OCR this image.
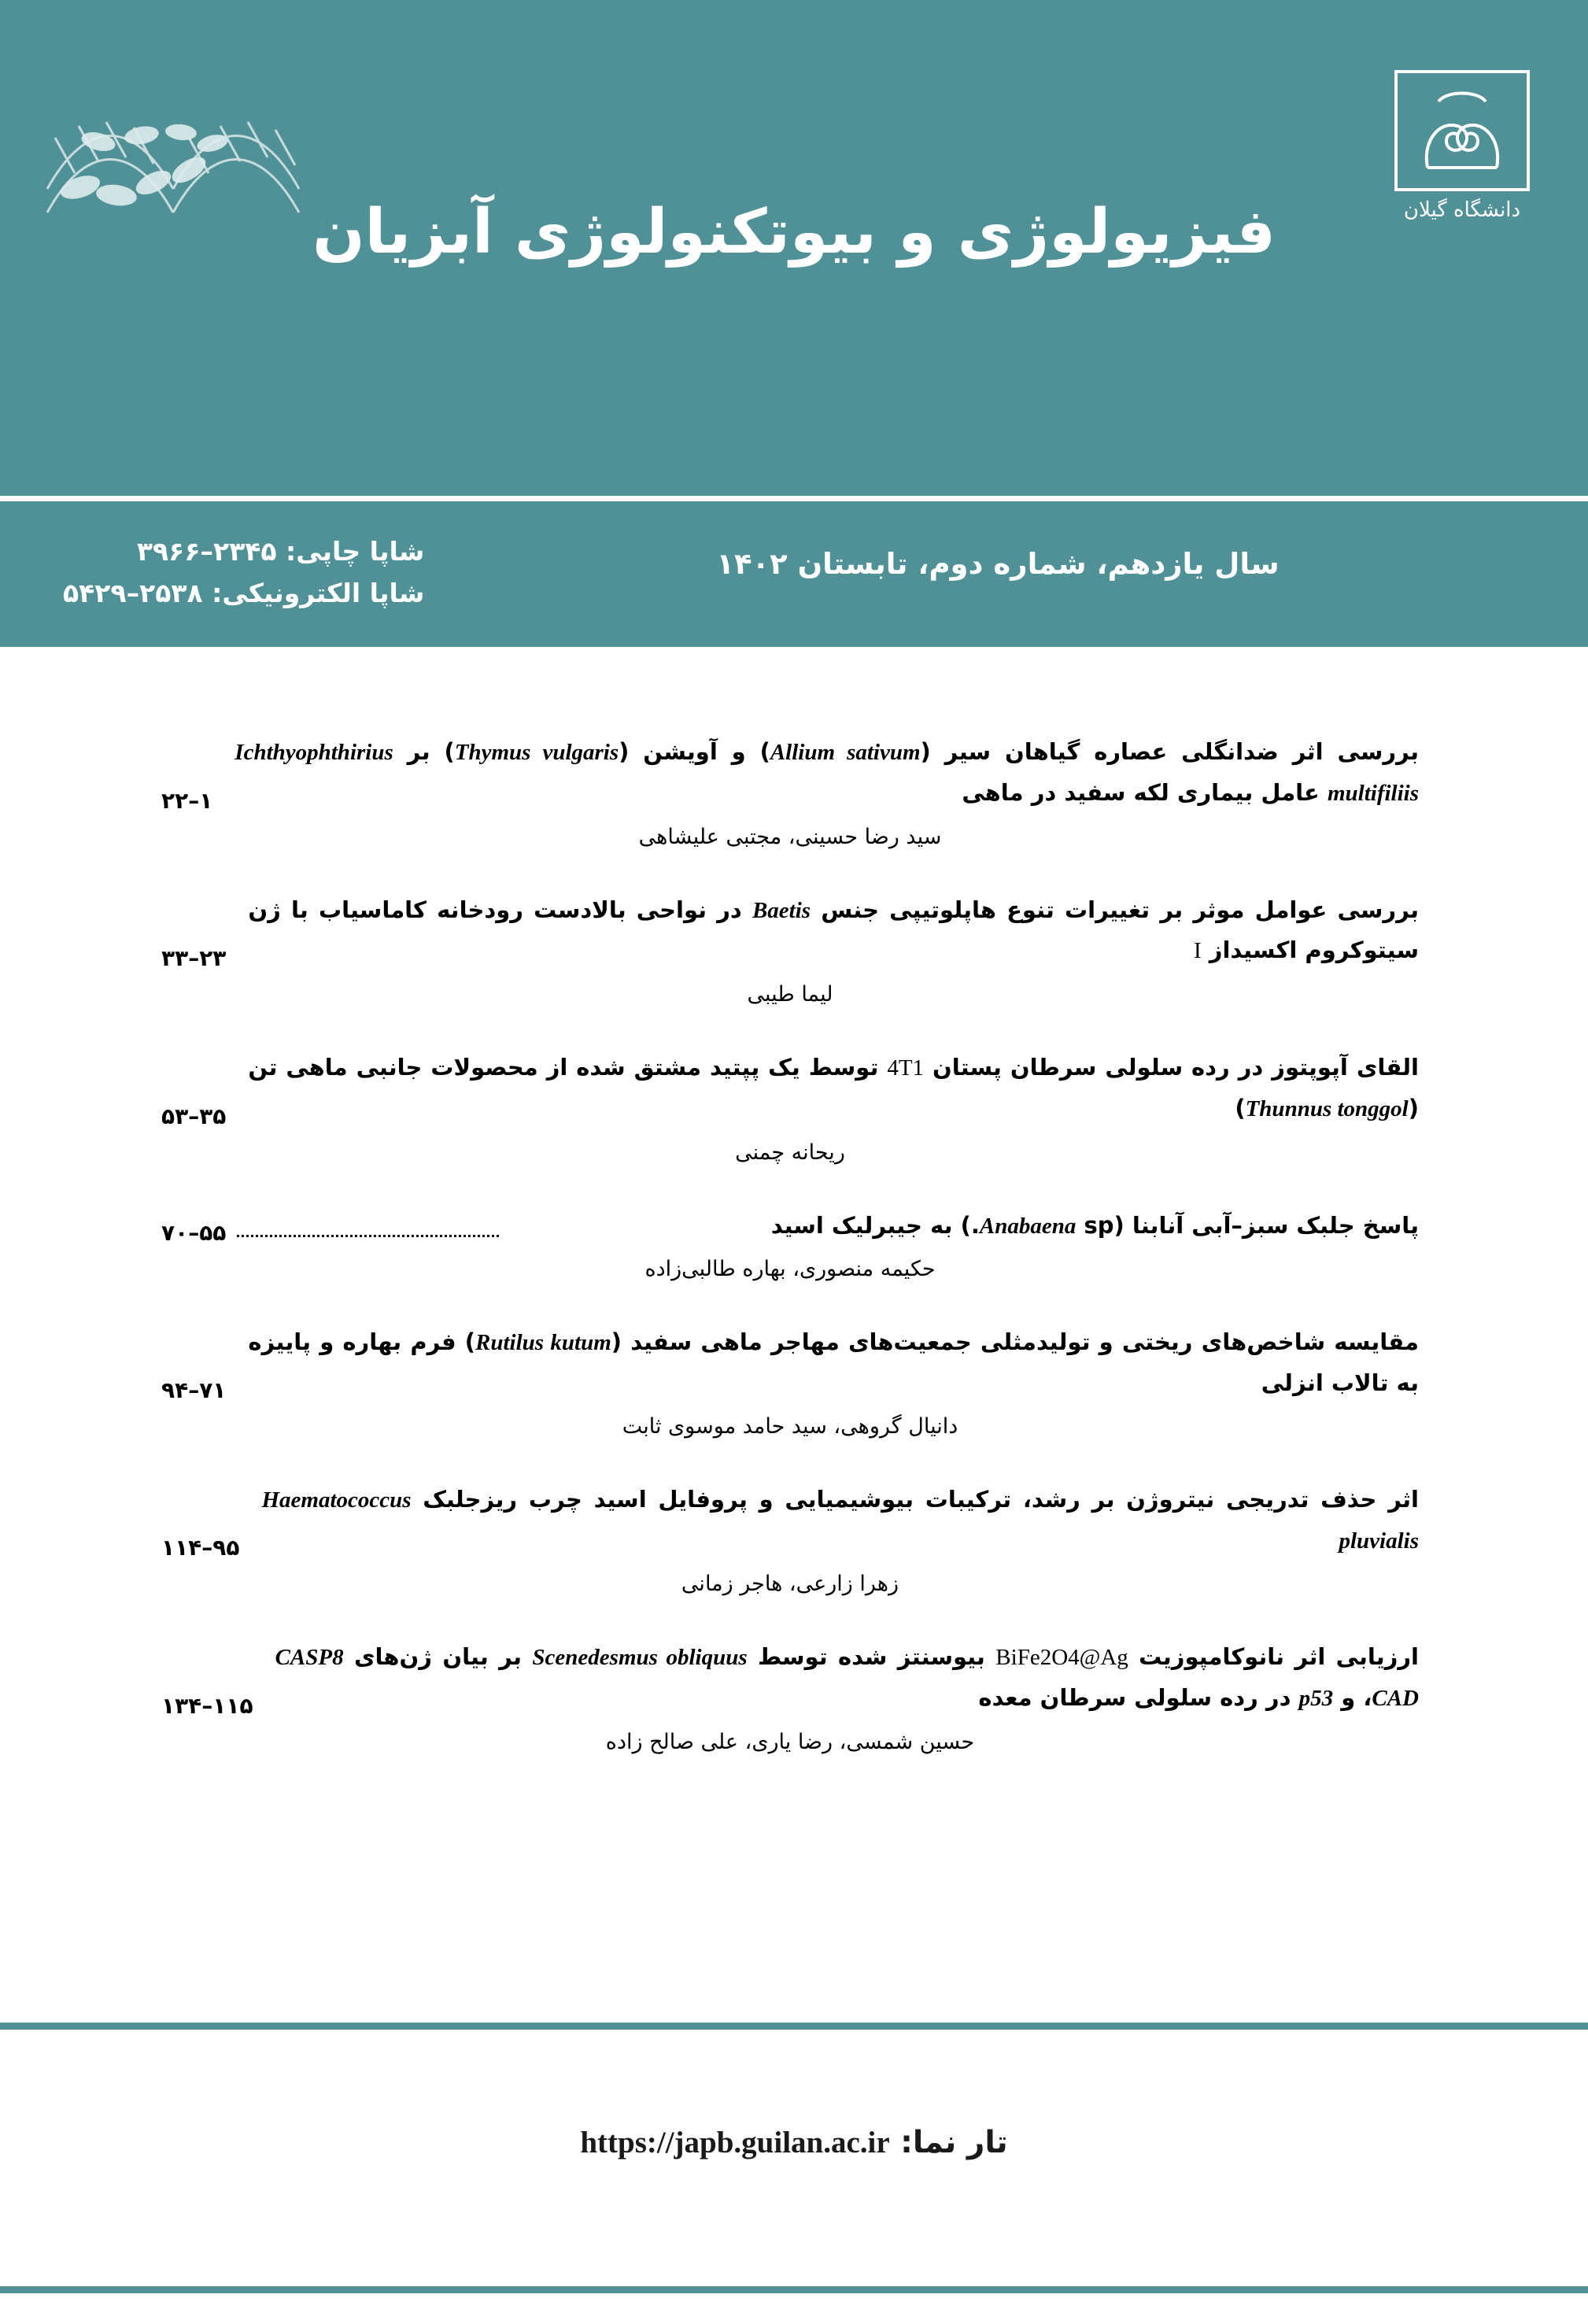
دانشگاه گیلان
فیزیولوژی و بیوتکنولوژی آبزیان
سال یازدهم، شماره دوم، تابستان ۱۴۰۲
شاپا چاپی: ۲۳۴۵–۳۹۶۶
شاپا الکترونیکی: ۲۵۳۸–۵۴۲۹
بررسی اثر ضدانگلی عصاره گیاهان سیر (Allium sativum) و آویشن (Thymus vulgaris) بر Ichthyophthirius multifiliis عامل بیماری لکه سفید در ماهی
۱–۲۲
سید رضا حسینی، مجتبی علیشاهی
بررسی عوامل موثر بر تغییرات تنوع هاپلوتیپی جنس Baetis در نواحی بالادست رودخانه کاماسیاب با ژن سیتوکروم اکسیداز I
۲۳–۳۳
لیما طیبی
القای آپوپتوز در رده سلولی سرطان پستان 4T1 توسط یک پپتید مشتق شده از محصولات جانبی ماهی تن (Thunnus tonggol)
۳۵–۵۳
ریحانه چمنی
پاسخ جلبک سبز–آبی آنابنا (Anabaena sp.) به جیبرلیک اسید
۵۵–۷۰
حکیمه منصوری، بهاره طالبی‌زاده
مقایسه شاخص‌های ریختی و تولیدمثلی جمعیت‌های مهاجر ماهی سفید (Rutilus kutum) فرم بهاره و پاییزه به تالاب انزلی
۷۱–۹۴
دانیال گروهی، سید حامد موسوی ثابت
اثر حذف تدریجی نیتروژن بر رشد، ترکیبات بیوشیمیایی و پروفایل اسید چرب ریزجلبک Haematococcus pluvialis
۹۵–۱۱۴
زهرا زارعی، هاجر زمانی
ارزیابی اثر نانوکامپوزیت BiFe2O4@Ag بیوسنتز شده توسط Scenedesmus obliquus بر بیان ژن‌های CASP8 ،CAD و p53 در رده سلولی سرطان معده
۱۱۵–۱۳۴
حسین شمسی، رضا یاری، علی صالح زاده
تار نما: https://japb.guilan.ac.ir
